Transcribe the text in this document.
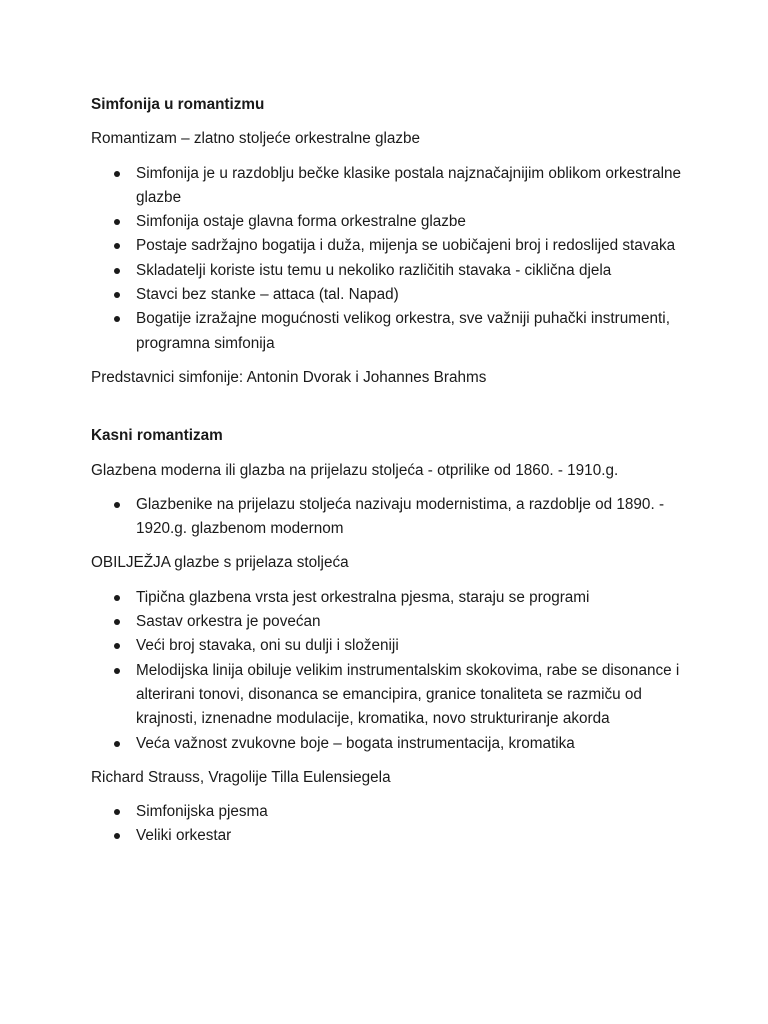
Simfonija u romantizmu
Romantizam – zlatno stoljeće orkestralne glazbe
Simfonija je u razdoblju bečke klasike postala najznačajnijim oblikom orkestralne glazbe
Simfonija ostaje glavna forma orkestralne glazbe
Postaje sadržajno bogatija i duža, mijenja se uobičajeni broj i redoslijed stavaka
Skladatelji koriste istu temu u nekoliko različitih stavaka - ciklična djela
Stavci bez stanke – attaca (tal. Napad)
Bogatije izražajne mogućnosti velikog orkestra, sve važniji puhački instrumenti, programna simfonija
Predstavnici simfonije: Antonin Dvorak i Johannes Brahms
Kasni romantizam
Glazbena moderna ili glazba na prijelazu stoljeća - otprilike od 1860. - 1910.g.
Glazbenike na prijelazu stoljeća nazivaju modernistima, a razdoblje od 1890. - 1920.g. glazbenom modernom
OBILJEŽJA glazbe s prijelaza stoljeća
Tipična glazbena vrsta jest orkestralna pjesma, staraju se programi
Sastav orkestra je povećan
Veći broj stavaka, oni su dulji i složeniji
Melodijska linija obiluje velikim instrumentalskim skokovima, rabe se disonance i alterirani tonovi, disonanca se emancipira, granice tonaliteta se razmiču od krajnosti, iznenadne modulacije, kromatika, novo strukturiranje akorda
Veća važnost zvukovne boje – bogata instrumentacija, kromatika
Richard Strauss, Vragolije Tilla Eulensiegela
Simfonijska pjesma
Veliki orkestar
